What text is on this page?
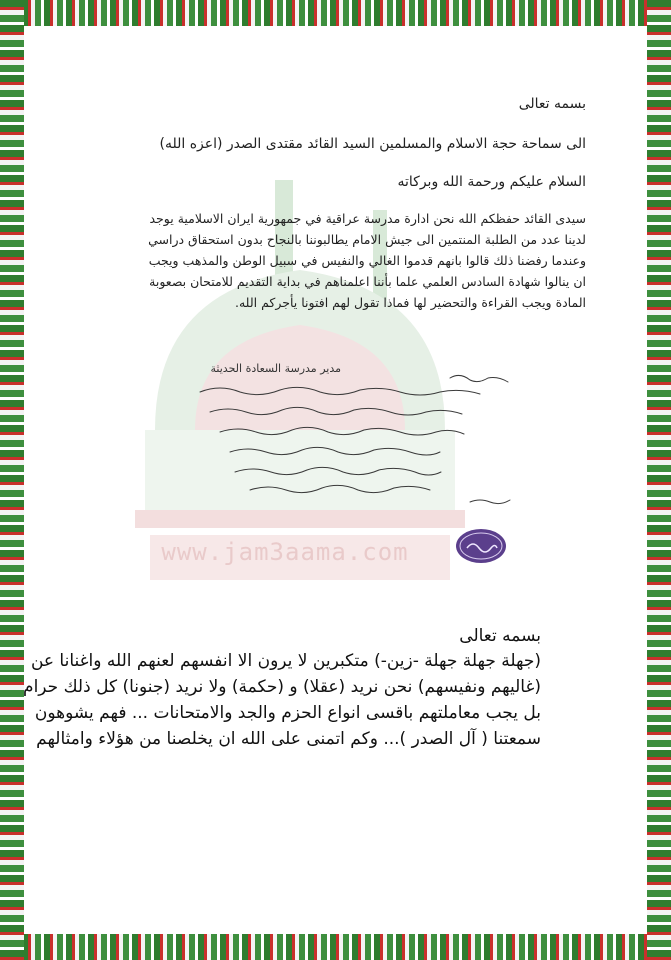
www.jam3aama.com
بسمه تعالى
الى سماحة حجة الاسلام والمسلمين السيد القائد مقتدى الصدر (اعزه الله)
السلام عليكم ورحمة الله وبركاته
سيدى القائد حفظكم الله نحن ادارة مدرسة عراقية في جمهورية ايران الاسلامية يوجد لدينا عدد من الطلبة المنتمين الى جيش الامام يطالبوننا بالنجاح بدون استحقاق دراسي وعندما رفضنا ذلك قالوا بانهم قدموا الغالي والنفيس في سبيل الوطن والمذهب ويجب ان ينالوا شهادة السادس العلمي علما بأننا اعلمناهم في بداية التقديم للامتحان بصعوبة المادة ويجب القراءة والتحضير لها فماذا تقول لهم افتونا يأجركم الله.
مدير مدرسة السعادة الحديثة
بسمه تعالى
(جهلة جهلة جهلة -زين-) متكبرين لا يرون الا انفسهم لعنهم الله واغنانا عن (غاليهم ونفيسهم) نحن نريد (عقلا) و (حكمة) ولا نريد (جنونا) كل ذلك حرام بل يجب معاملتهم باقسى انواع الحزم والجد والامتحانات ... فهم يشوهون سمعتنا ( آل الصدر )... وكم اتمنى على الله ان يخلصنا من هؤلاء وامثالهم
